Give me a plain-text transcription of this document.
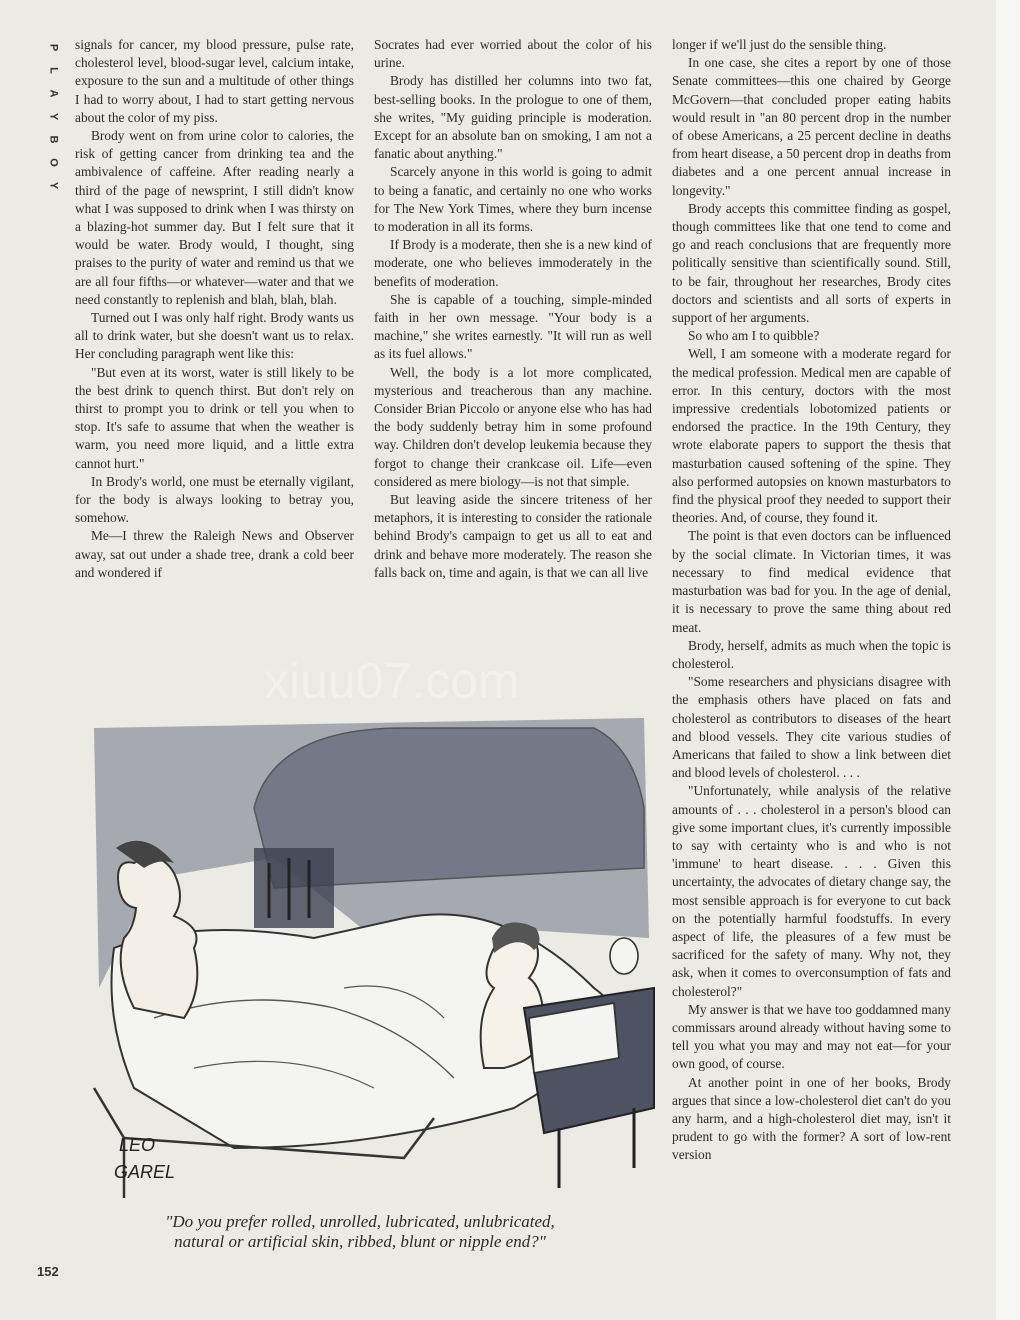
P
L
A
Y
B
O
Y

signals for cancer, my blood pressure, pulse rate, cholesterol level, blood-sugar level, calcium intake, exposure to the sun and a multitude of other things I had to worry about, I had to start getting nervous about the color of my piss.

Brody went on from urine color to calories, the risk of getting cancer from drinking tea and the ambivalence of caffeine. After reading nearly a third of the page of newsprint, I still didn't know what I was supposed to drink when I was thirsty on a blazing-hot summer day. But I felt sure that it would be water. Brody would, I thought, sing praises to the purity of water and remind us that we are all four fifths—or whatever—water and that we need constantly to replenish and blah, blah, blah.

Turned out I was only half right. Brody wants us all to drink water, but she doesn't want us to relax. Her concluding paragraph went like this:

"But even at its worst, water is still likely to be the best drink to quench thirst. But don't rely on thirst to prompt you to drink or tell you when to stop. It's safe to assume that when the weather is warm, you need more liquid, and a little extra cannot hurt."

In Brody's world, one must be eternally vigilant, for the body is always looking to betray you, somehow.

Me—I threw the Raleigh News and Observer away, sat out under a shade tree, drank a cold beer and wondered if

Socrates had ever worried about the color of his urine.

Brody has distilled her columns into two fat, best-selling books. In the prologue to one of them, she writes, "My guiding principle is moderation. Except for an absolute ban on smoking, I am not a fanatic about anything."

Scarcely anyone in this world is going to admit to being a fanatic, and certainly no one who works for The New York Times, where they burn incense to moderation in all its forms.

If Brody is a moderate, then she is a new kind of moderate, one who believes immoderately in the benefits of moderation.

She is capable of a touching, simple-minded faith in her own message. "Your body is a machine," she writes earnestly. "It will run as well as its fuel allows."

Well, the body is a lot more complicated, mysterious and treacherous than any machine. Consider Brian Piccolo or anyone else who has had the body suddenly betray him in some profound way. Children don't develop leukemia because they forgot to change their crankcase oil. Life—even considered as mere biology—is not that simple.

But leaving aside the sincere triteness of her metaphors, it is interesting to consider the rationale behind Brody's campaign to get us all to eat and drink and behave more moderately. The reason she falls back on, time and again, is that we can all live

longer if we'll just do the sensible thing.

In one case, she cites a report by one of those Senate committees—this one chaired by George McGovern—that concluded proper eating habits would result in "an 80 percent drop in the number of obese Americans, a 25 percent decline in deaths from heart disease, a 50 percent drop in deaths from diabetes and a one percent annual increase in longevity."

Brody accepts this committee finding as gospel, though committees like that one tend to come and go and reach conclusions that are frequently more politically sensitive than scientifically sound. Still, to be fair, throughout her researches, Brody cites doctors and scientists and all sorts of experts in support of her arguments.

So who am I to quibble?

Well, I am someone with a moderate regard for the medical profession. Medical men are capable of error. In this century, doctors with the most impressive credentials lobotomized patients or endorsed the practice. In the 19th Century, they wrote elaborate papers to support the thesis that masturbation caused softening of the spine. They also performed autopsies on known masturbators to find the physical proof they needed to support their theories. And, of course, they found it.

The point is that even doctors can be influenced by the social climate. In Victorian times, it was necessary to find medical evidence that masturbation was bad for you. In the age of denial, it is necessary to prove the same thing about red meat.

Brody, herself, admits as much when the topic is cholesterol.

"Some researchers and physicians disagree with the emphasis others have placed on fats and cholesterol as contributors to diseases of the heart and blood vessels. They cite various studies of Americans that failed to show a link between diet and blood levels of cholesterol. . . .

"Unfortunately, while analysis of the relative amounts of . . . cholesterol in a person's blood can give some important clues, it's currently impossible to say with certainty who is and who is not 'immune' to heart disease. . . . Given this uncertainty, the advocates of dietary change say, the most sensible approach is for everyone to cut back on the potentially harmful foodstuffs. In every aspect of life, the pleasures of a few must be sacrificed for the safety of many. Why not, they ask, when it comes to overconsumption of fats and cholesterol?"

My answer is that we have too goddamned many commissars around already without having some to tell you what you may and may not eat—for your own good, of course.

At another point in one of her books, Brody argues that since a low-cholesterol diet can't do you any harm, and a high-cholesterol diet may, isn't it prudent to go with the former? A sort of low-rent version

LEO
GAREL
xiuu07.com
"Do you prefer rolled, unrolled, lubricated, unlubricated, natural or artificial skin, ribbed, blunt or nipple end?"
152
